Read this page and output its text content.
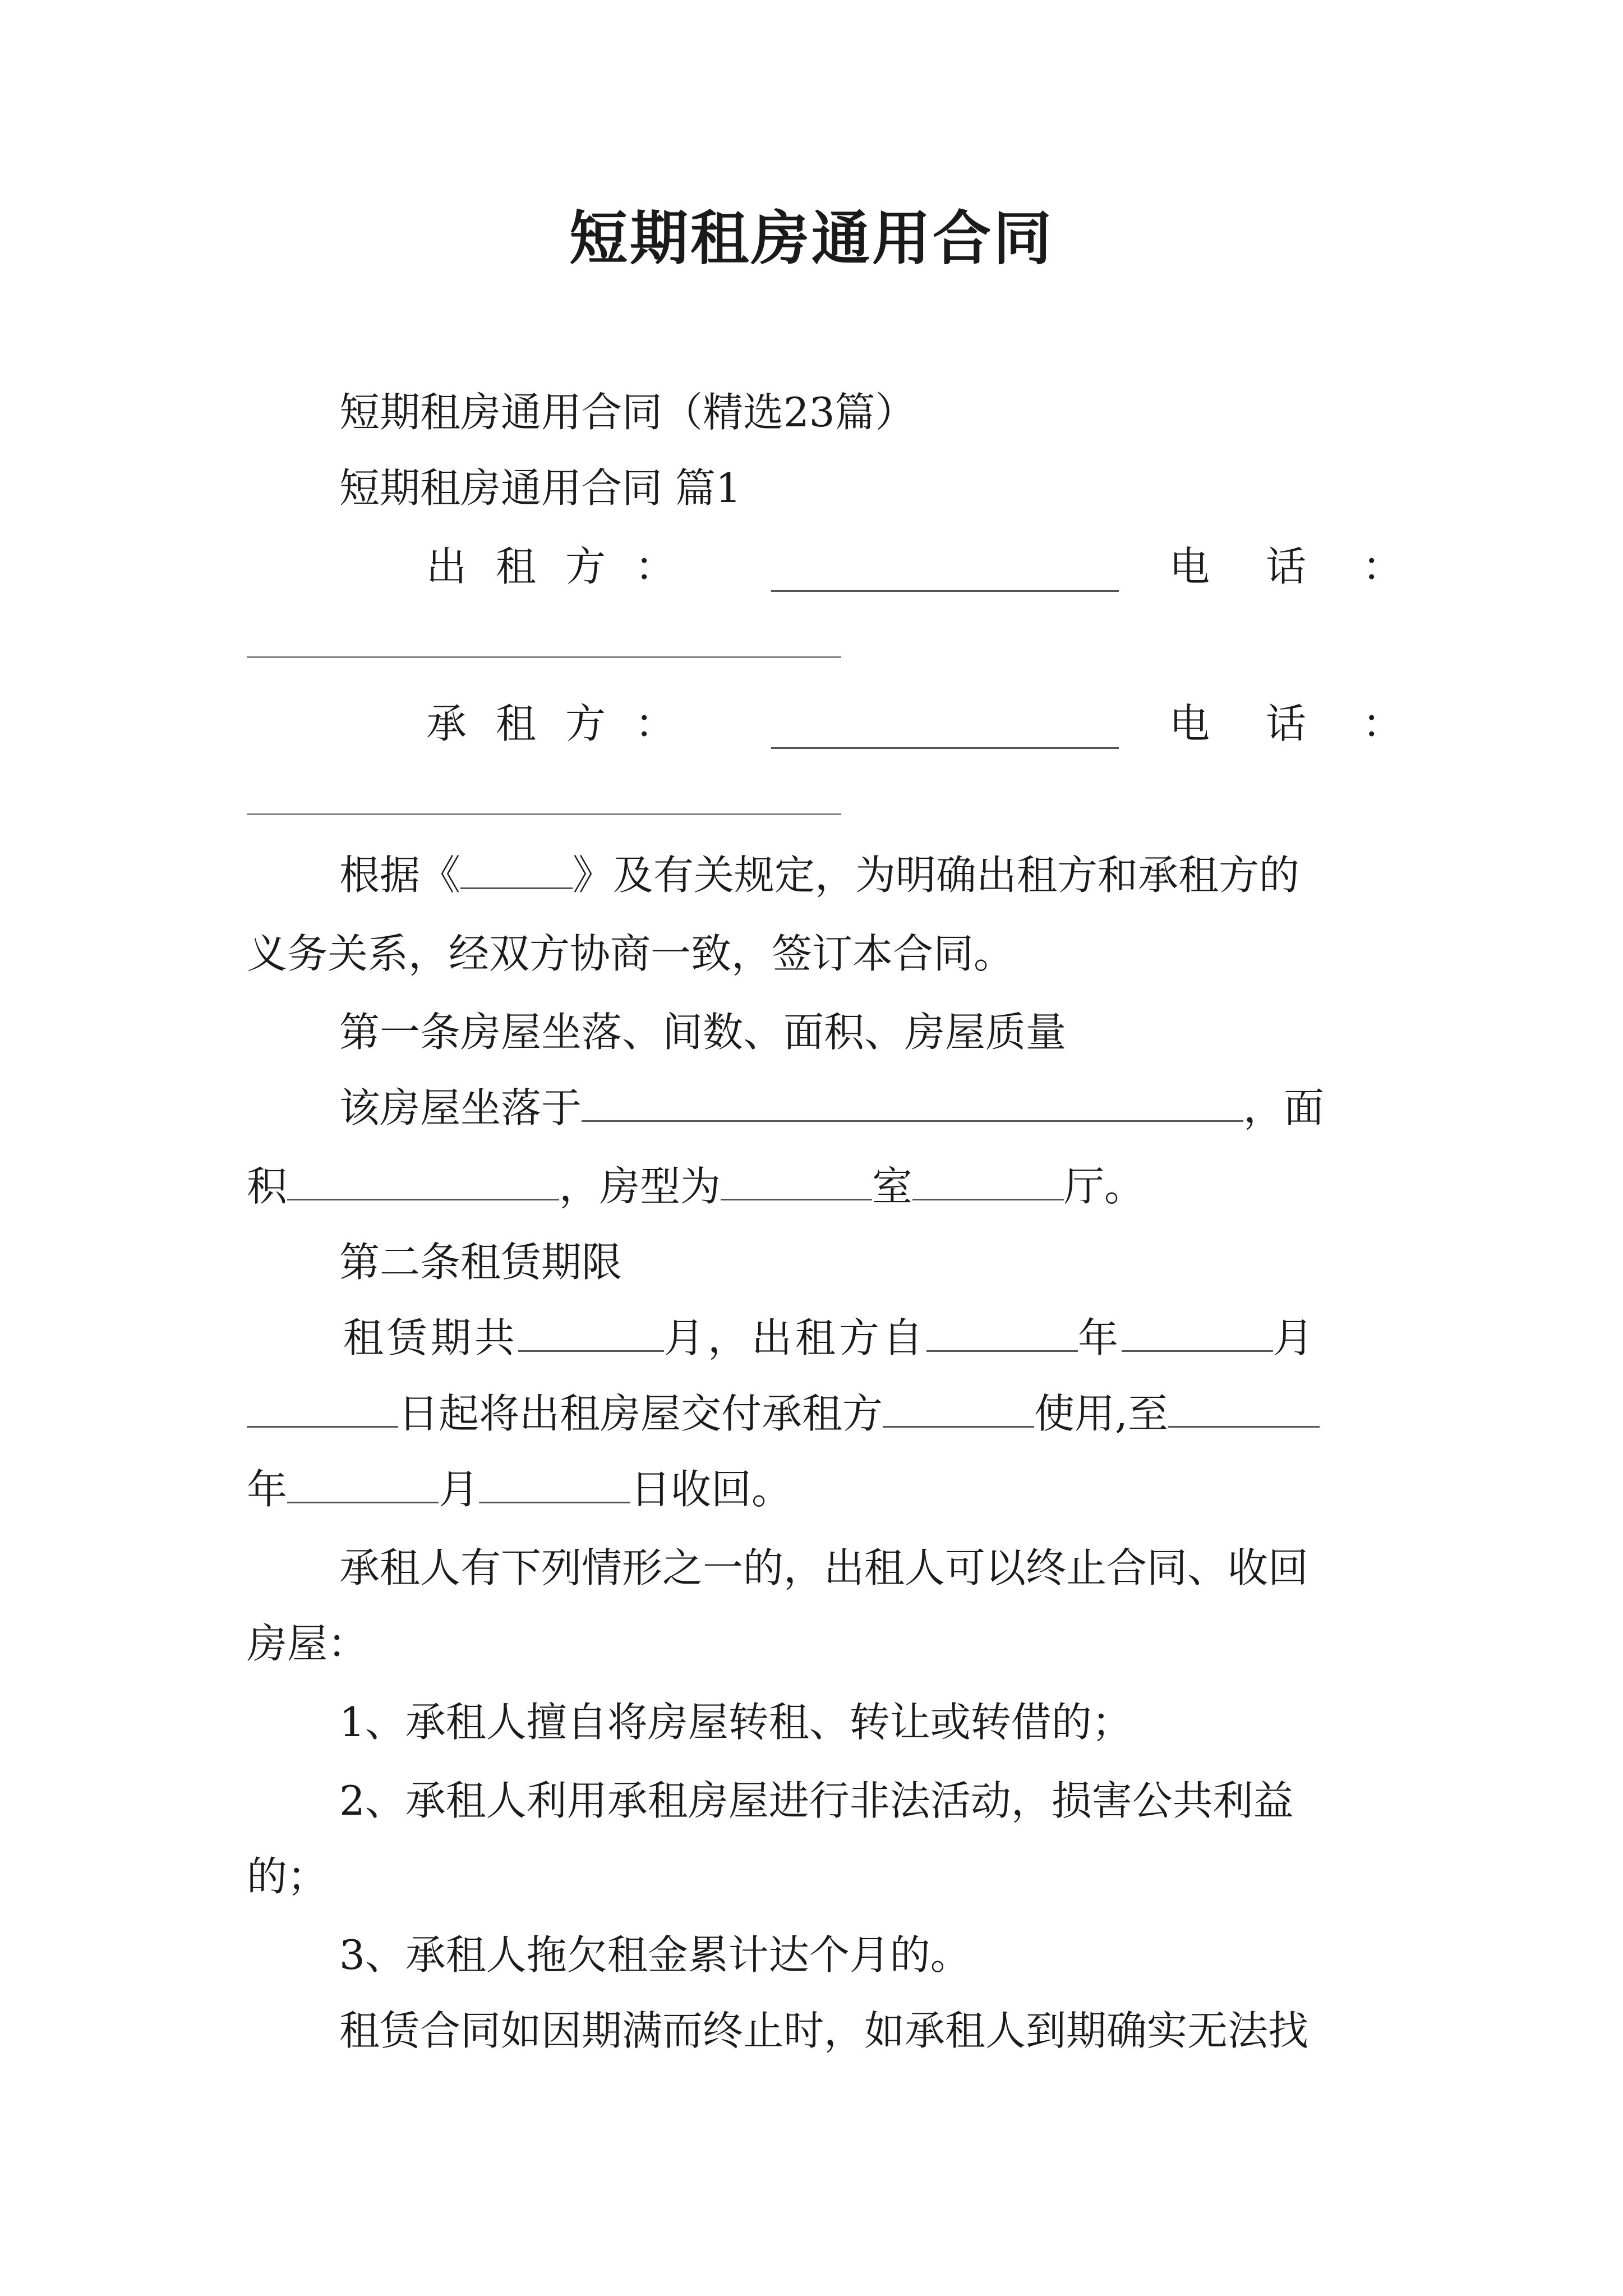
短期租房通用合同
短期租房通用合同（精选23篇）
短期租房通用合同 篇1
出租方：	电话：
承租方：	电话：
根据《	》及有关规定，为明确出租方和承租方的
义务关系，经双方协商一致，签订本合同。
第一条房屋坐落、间数、面积、房屋质量
该房屋坐落于	，面
积	，房型为	室	厅。
第二条租赁期限
租赁期共	月，出租方自	年	月
日起将出租房屋交付承租方	使用,至
年	月	日收回。
承租人有下列情形之一的，出租人可以终止合同、收回
房屋：
1、承租人擅自将房屋转租、转让或转借的；
2、承租人利用承租房屋进行非法活动，损害公共利益
的；
3、承租人拖欠租金累计达个月的。
租赁合同如因期满而终止时，如承租人到期确实无法找
